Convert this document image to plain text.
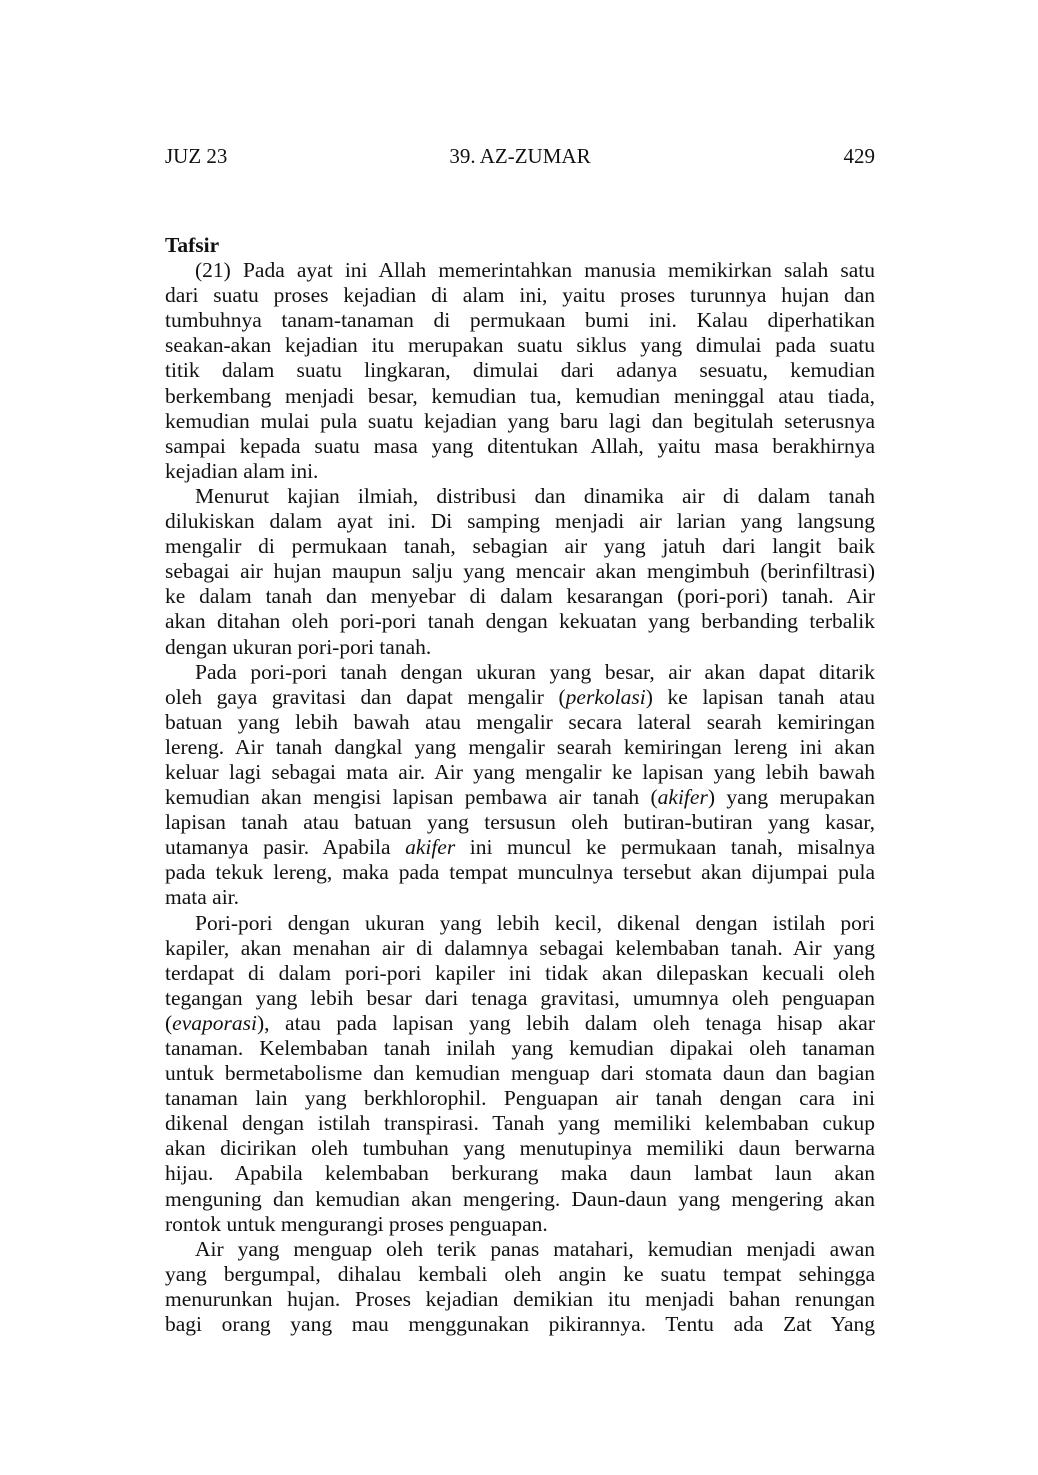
JUZ 23	39. AZ-ZUMAR	429
Tafsir
(21) Pada ayat ini Allah memerintahkan manusia memikirkan salah satu
dari suatu proses kejadian di alam ini, yaitu proses turunnya hujan dan
tumbuhnya tanam-tanaman di permukaan bumi ini. Kalau diperhatikan
seakan-akan kejadian itu merupakan suatu siklus yang dimulai pada suatu
titik dalam suatu lingkaran, dimulai dari adanya sesuatu, kemudian
berkembang menjadi besar, kemudian tua, kemudian meninggal atau tiada,
kemudian mulai pula suatu kejadian yang baru lagi dan begitulah seterusnya
sampai kepada suatu masa yang ditentukan Allah, yaitu masa berakhirnya
kejadian alam ini.
Menurut kajian ilmiah, distribusi dan dinamika air di dalam tanah
dilukiskan dalam ayat ini. Di samping menjadi air larian yang langsung
mengalir di permukaan tanah, sebagian air yang jatuh dari langit baik
sebagai air hujan maupun salju yang mencair akan mengimbuh (berinfiltrasi)
ke dalam tanah dan menyebar di dalam kesarangan (pori-pori) tanah. Air
akan ditahan oleh pori-pori tanah dengan kekuatan yang berbanding terbalik
dengan ukuran pori-pori tanah.
Pada pori-pori tanah dengan ukuran yang besar, air akan dapat ditarik
oleh gaya gravitasi dan dapat mengalir (perkolasi) ke lapisan tanah atau
batuan yang lebih bawah atau mengalir secara lateral searah kemiringan
lereng. Air tanah dangkal yang mengalir searah kemiringan lereng ini akan
keluar lagi sebagai mata air. Air yang mengalir ke lapisan yang lebih bawah
kemudian akan mengisi lapisan pembawa air tanah (akifer) yang merupakan
lapisan tanah atau batuan yang tersusun oleh butiran-butiran yang kasar,
utamanya pasir. Apabila akifer ini muncul ke permukaan tanah, misalnya
pada tekuk lereng, maka pada tempat munculnya tersebut akan dijumpai pula
mata air.
Pori-pori dengan ukuran yang lebih kecil, dikenal dengan istilah pori
kapiler, akan menahan air di dalamnya sebagai kelembaban tanah. Air yang
terdapat di dalam pori-pori kapiler ini tidak akan dilepaskan kecuali oleh
tegangan yang lebih besar dari tenaga gravitasi, umumnya oleh penguapan
(evaporasi), atau pada lapisan yang lebih dalam oleh tenaga hisap akar
tanaman. Kelembaban tanah inilah yang kemudian dipakai oleh tanaman
untuk bermetabolisme dan kemudian menguap dari stomata daun dan bagian
tanaman lain yang berkhlorophil. Penguapan air tanah dengan cara ini
dikenal dengan istilah transpirasi. Tanah yang memiliki kelembaban cukup
akan dicirikan oleh tumbuhan yang menutupinya memiliki daun berwarna
hijau. Apabila kelembaban berkurang maka daun lambat laun akan
menguning dan kemudian akan mengering. Daun-daun yang mengering akan
rontok untuk mengurangi proses penguapan.
Air yang menguap oleh terik panas matahari, kemudian menjadi awan
yang bergumpal, dihalau kembali oleh angin ke suatu tempat sehingga
menurunkan hujan. Proses kejadian demikian itu menjadi bahan renungan
bagi orang yang mau menggunakan pikirannya. Tentu ada Zat Yang
